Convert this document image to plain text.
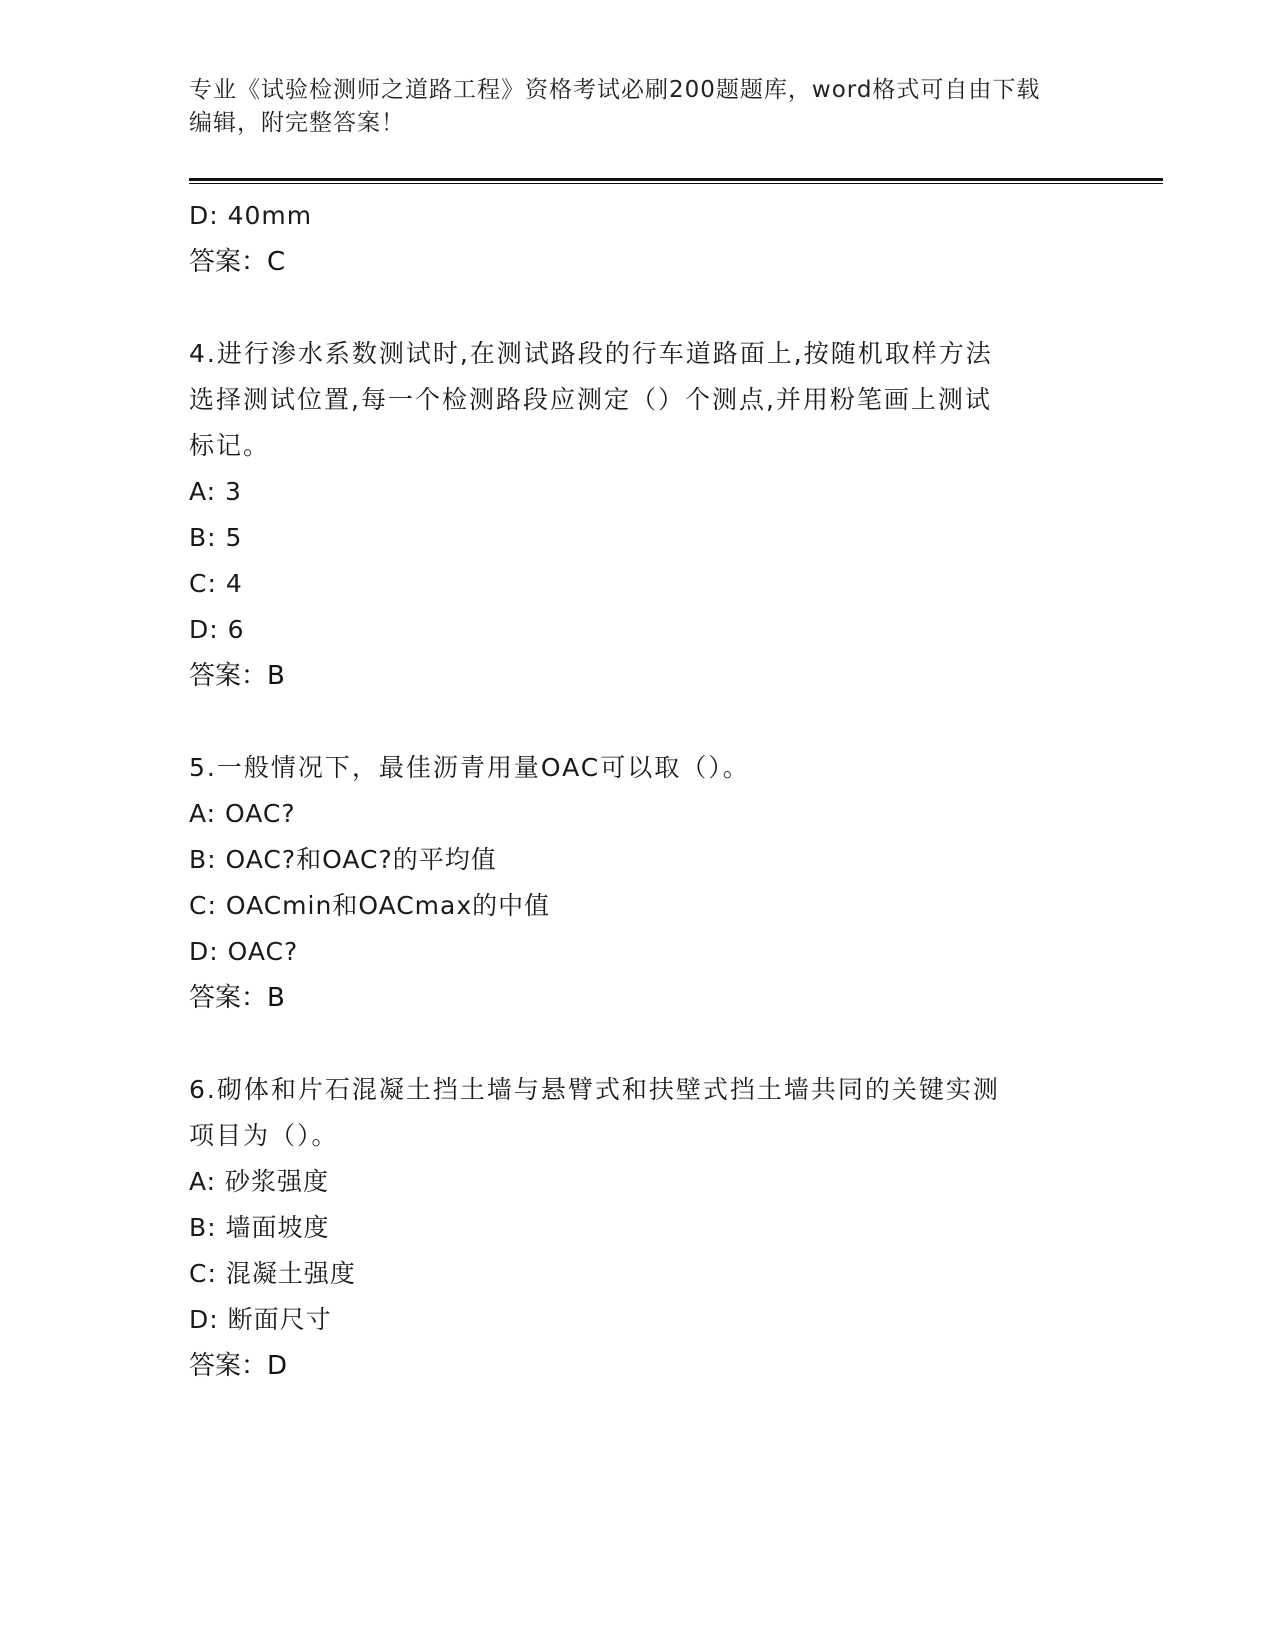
专业《试验检测师之道路工程》资格考试必刷200题题库，word格式可自由下载
编辑，附完整答案！
D: 40mm
答案：C
4.进行渗水系数测试时,在测试路段的行车道路面上,按随机取样方法
选择测试位置,每一个检测路段应测定（）个测点,并用粉笔画上测试
标记。
A: 3
B: 5
C: 4
D: 6
答案：B
5.一般情况下，最佳沥青用量OAC可以取（）。
A: OAC?
B: OAC?和OAC?的平均值
C: OACmin和OACmax的中值
D: OAC?
答案：B
6.砌体和片石混凝土挡土墙与悬臂式和扶壁式挡土墙共同的关键实测
项目为（）。
A: 砂浆强度
B: 墙面坡度
C: 混凝土强度
D: 断面尺寸
答案：D
